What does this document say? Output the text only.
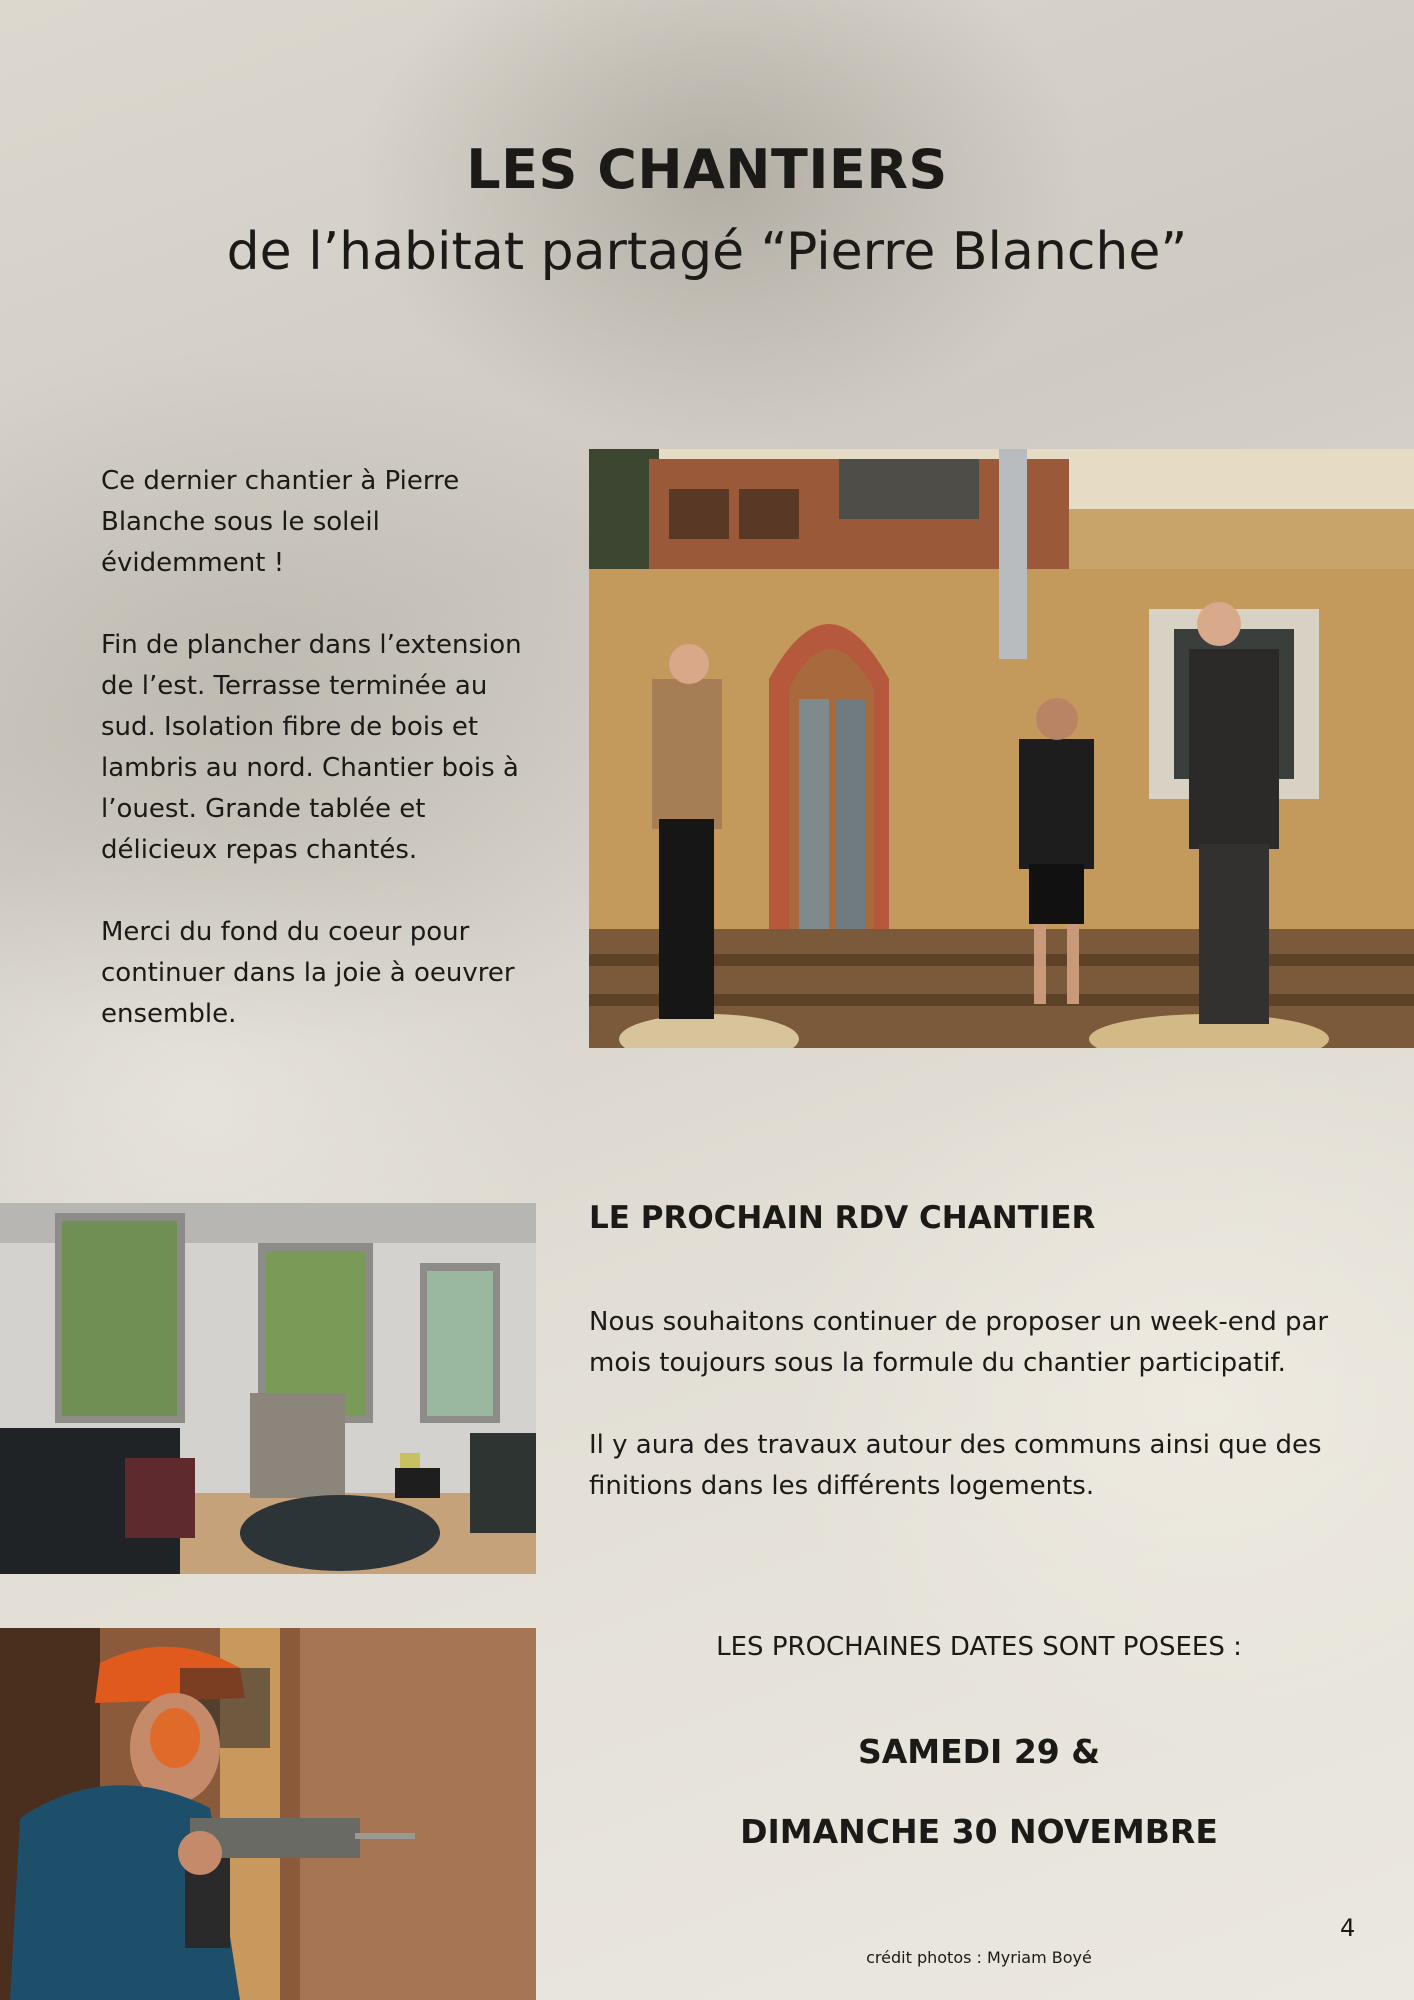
LES CHANTIERS
de l’habitat partagé “Pierre Blanche”
Ce dernier chantier à Pierre Blanche sous le soleil évidemment !
Fin de plancher dans l’extension de l’est. Terrasse terminée au sud. Isolation fibre de bois et lambris au nord. Chantier bois à l’ouest. Grande tablée et délicieux repas chantés.
Merci du fond du coeur pour continuer dans la joie à oeuvrer ensemble.
LE PROCHAIN RDV CHANTIER
Nous souhaitons continuer de proposer un week-end par mois toujours sous la formule du chantier participatif.
Il y aura des travaux autour des communs ainsi que des finitions dans les différents logements.
LES PROCHAINES DATES SONT POSEES :
SAMEDI 29 &
DIMANCHE 30 NOVEMBRE
4
crédit photos : Myriam Boyé
